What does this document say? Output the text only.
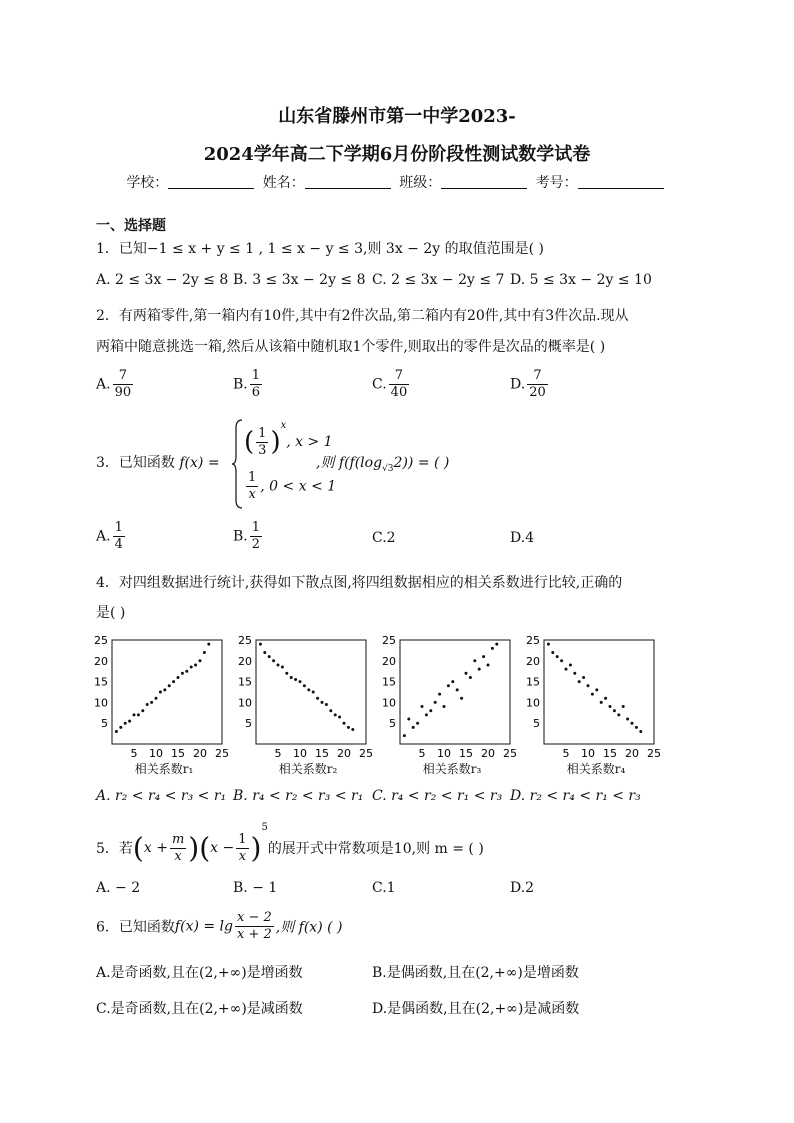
山东省滕州市第一中学2023-
2024学年高二下学期6月份阶段性测试数学试卷
学校：	姓名：	班级：	考号：
一、选择题
1．已知−1 ≤ x + y ≤ 1 , 1 ≤ x − y ≤ 3,则 3x − 2y 的取值范围是( )
A. 2 ≤ 3x − 2y ≤ 8 B. 3 ≤ 3x − 2y ≤ 8 C. 2 ≤ 3x − 2y ≤ 7 D. 5 ≤ 3x − 2y ≤ 10
2．有两箱零件,第一箱内有10件,其中有2件次品,第二箱内有20件,其中有3件次品.现从
两箱中随意挑选一箱,然后从该箱中随机取1个零件,则取出的零件是次品的概率是( )
A. $\frac{7}{90}$	B. $\frac{1}{6}$	C. $\frac{7}{40}$	D. $\frac{7}{20}$
3．已知函数 f(x) =
( $\frac{1}{3} )^x$, x > 1
$\frac{1}{x}$ , 0 < x < 1
,则 $f(f(\log_{√3}2))$ = ( )
A. $\frac{1}{4}$	B. $\frac{1}{2}$	C.2	D.4
4．对四组数据进行统计,获得如下散点图,将四组数据相应的相关系数进行比较,正确的
是( )
5
5
10
10
15
15
20
20
25
25
5
5
10
10
15
15
20
20
25
25
5
5
10
10
15
15
20
20
25
25
5
5
10
10
15
15
20
20
25
25
相关系数r₁	相关系数r₂	相关系数r₃	相关系数r₄
A. r₂ < r₄ < r₃ < r₁ B. r₄ < r₂ < r₃ < r₁ C. r₄ < r₂ < r₁ < r₃ D. r₂ < r₄ < r₁ < r₃
5．若$(x + \frac{m}{x} )(x - \frac{1}{x} )^5$的展开式中常数项是10,则 m = ( )
A. − 2	B. − 1	C.1	D.2
6．已知函数$f(x) = \lg \frac{x - 2}{x + 2}$ ,则 f(x) ( )
A.是奇函数,且在(2,+∞)是增函数	B.是偶函数,且在(2,+∞)是增函数
C.是奇函数,且在(2,+∞)是减函数	D.是偶函数,且在(2,+∞)是减函数
